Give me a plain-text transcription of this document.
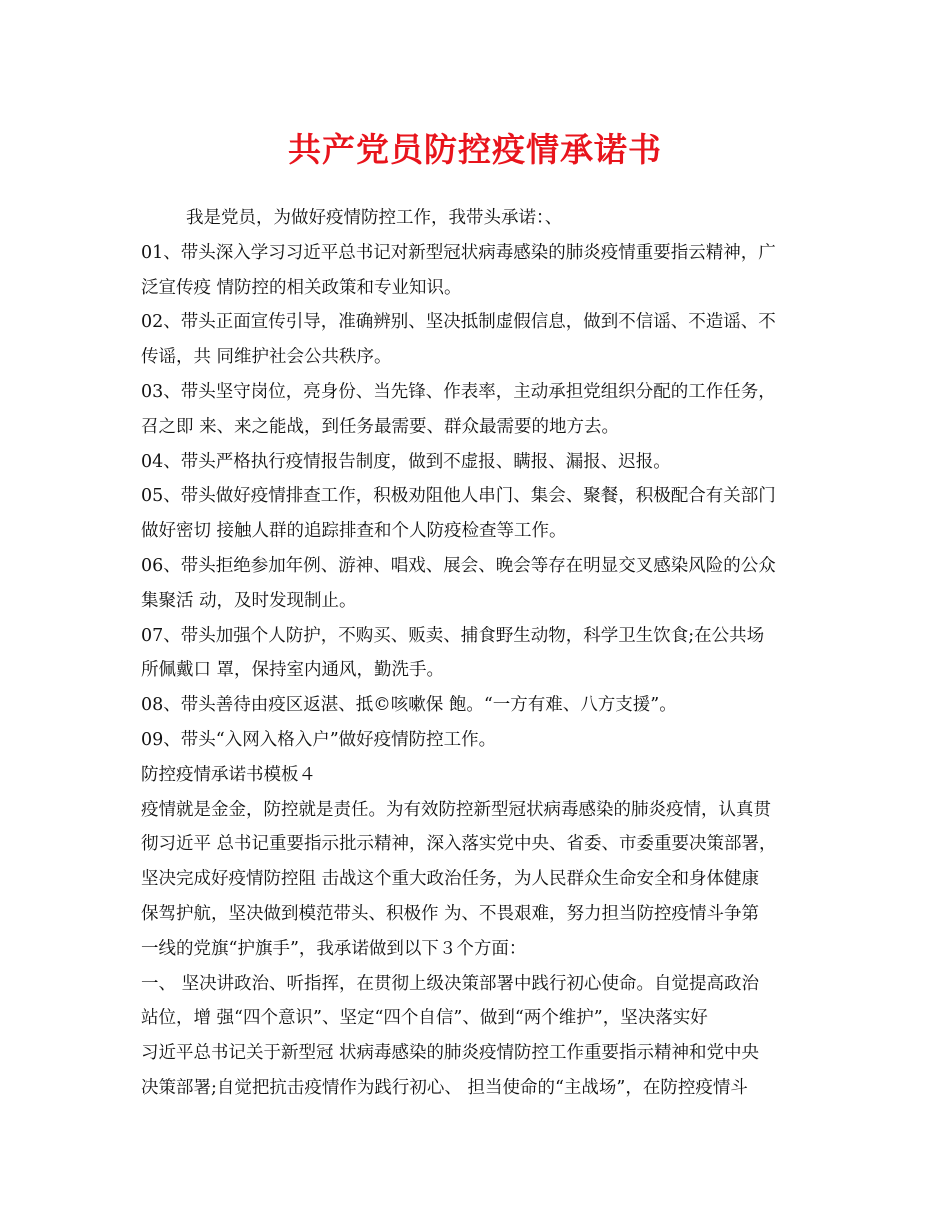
共产党员防控疫情承诺书
我是党员，为做好疫情防控工作，我带头承诺：、
01、带头深入学习习近平总书记对新型冠状病毒感染的肺炎疫情重要指云精神，广
泛宣传疫 情防控的相关政策和专业知识。
02、带头正面宣传引导，准确辨别、坚决抵制虚假信息，做到不信谣、不造谣、不
传谣，共 同维护社会公共秩序。
03、带头坚守岗位，亮身份、当先锋、作表率，主动承担党组织分配的工作任务，
召之即 来、来之能战，到任务最需要、群众最需要的地方去。
04、带头严格执行疫情报告制度，做到不虚报、瞒报、漏报、迟报。
05、带头做好疫情排查工作，积极劝阻他人串门、集会、聚餐，积极配合有关部门
做好密切 接触人群的追踪排查和个人防疫检查等工作。
06、带头拒绝参加年例、游神、唱戏、展会、晚会等存在明显交叉感染风险的公众
集聚活 动，及时发现制止。
07、带头加强个人防护，不购买、贩卖、捕食野生动物，科学卫生饮食;在公共场
所佩戴口 罩，保持室内通风，勤洗手。
08、带头善待由疫区返湛、抵©咳嗽保 飽。“一方有难、八方支援”。
09、带头“入网入格入户”做好疫情防控工作。
防控疫情承诺书模板４
疫情就是金金，防控就是责任。为有效防控新型冠状病毒感染的肺炎疫情，认真贯
彻习近平 总书记重要指示批示精神，深入落实党中央、省委、市委重要决策部署，
坚决完成好疫情防控阻 击战这个重大政治任务，为人民群众生命安全和身体健康
保驾护航，坚决做到模范带头、积极作 为、不畏艰难，努力担当防控疫情斗争第
一线的党旗“护旗手”，我承诺做到以下３个方面：
一、 坚决讲政治、听指挥，在贯彻上级决策部署中践行初心使命。自觉提高政治
站位，增 强“四个意识”、坚定“四个自信”、做到“两个维护”，坚决落实好
习近平总书记关于新型冠 状病毒感染的肺炎疫情防控工作重要指示精神和党中央
决策部署;自觉把抗击疫情作为践行初心、 担当使命的“主战场”，在防控疫情斗
